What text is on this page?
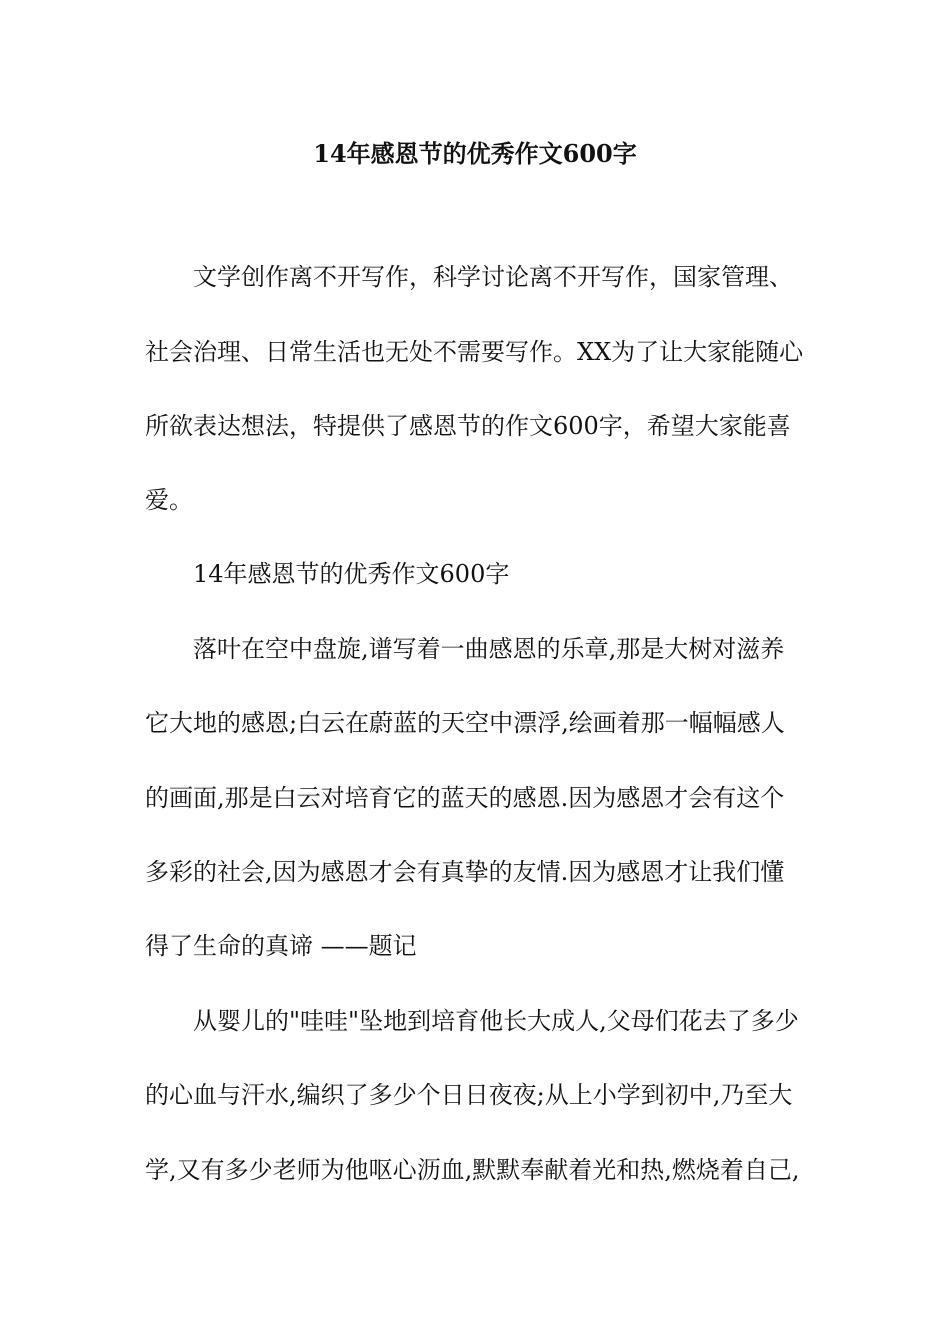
14年感恩节的优秀作文600字
文学创作离不开写作，科学讨论离不开写作，国家管理、
社会治理、日常生活也无处不需要写作。XX为了让大家能随心
所欲表达想法，特提供了感恩节的作文600字，希望大家能喜
爱。
14年感恩节的优秀作文600字
落叶在空中盘旋,谱写着一曲感恩的乐章,那是大树对滋养
它大地的感恩;白云在蔚蓝的天空中漂浮,绘画着那一幅幅感人
的画面,那是白云对培育它的蓝天的感恩.因为感恩才会有这个
多彩的社会,因为感恩才会有真挚的友情.因为感恩才让我们懂
得了生命的真谛 ——题记
从婴儿的"哇哇"坠地到培育他长大成人,父母们花去了多少
的心血与汗水,编织了多少个日日夜夜;从上小学到初中,乃至大
学,又有多少老师为他呕心沥血,默默奉献着光和热,燃烧着自己,
